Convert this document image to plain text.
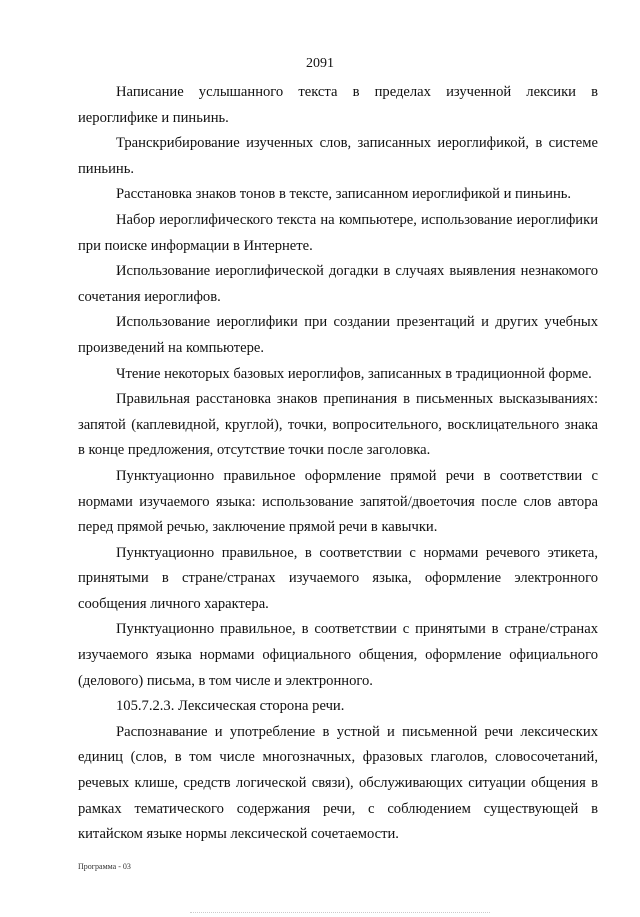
2091

Написание услышанного текста в пределах изученной лексики в иероглифике и пиньинь.

Транскрибирование изученных слов, записанных иероглификой, в системе пиньинь.

Расстановка знаков тонов в тексте, записанном иероглификой и пиньинь.

Набор иероглифического текста на компьютере, использование иероглифики при поиске информации в Интернете.

Использование иероглифической догадки в случаях выявления незнакомого сочетания иероглифов.

Использование иероглифики при создании презентаций и других учебных произведений на компьютере.

Чтение некоторых базовых иероглифов, записанных в традиционной форме.

Правильная расстановка знаков препинания в письменных высказываниях: запятой (каплевидной, круглой), точки, вопросительного, восклицательного знака в конце предложения, отсутствие точки после заголовка.

Пунктуационно правильное оформление прямой речи в соответствии с нормами изучаемого языка: использование запятой/двоеточия после слов автора перед прямой речью, заключение прямой речи в кавычки.

Пунктуационно правильное, в соответствии с нормами речевого этикета, принятыми в стране/странах изучаемого языка, оформление электронного сообщения личного характера.

Пунктуационно правильное, в соответствии с принятыми в стране/странах изучаемого языка нормами официального общения, оформление официального (делового) письма, в том числе и электронного.

105.7.2.3. Лексическая сторона речи.

Распознавание и употребление в устной и письменной речи лексических единиц (слов, в том числе многозначных, фразовых глаголов, словосочетаний, речевых клише, средств логической связи), обслуживающих ситуации общения в рамках тематического содержания речи, с соблюдением существующей в китайском языке нормы лексической сочетаемости.

Программа - 03
